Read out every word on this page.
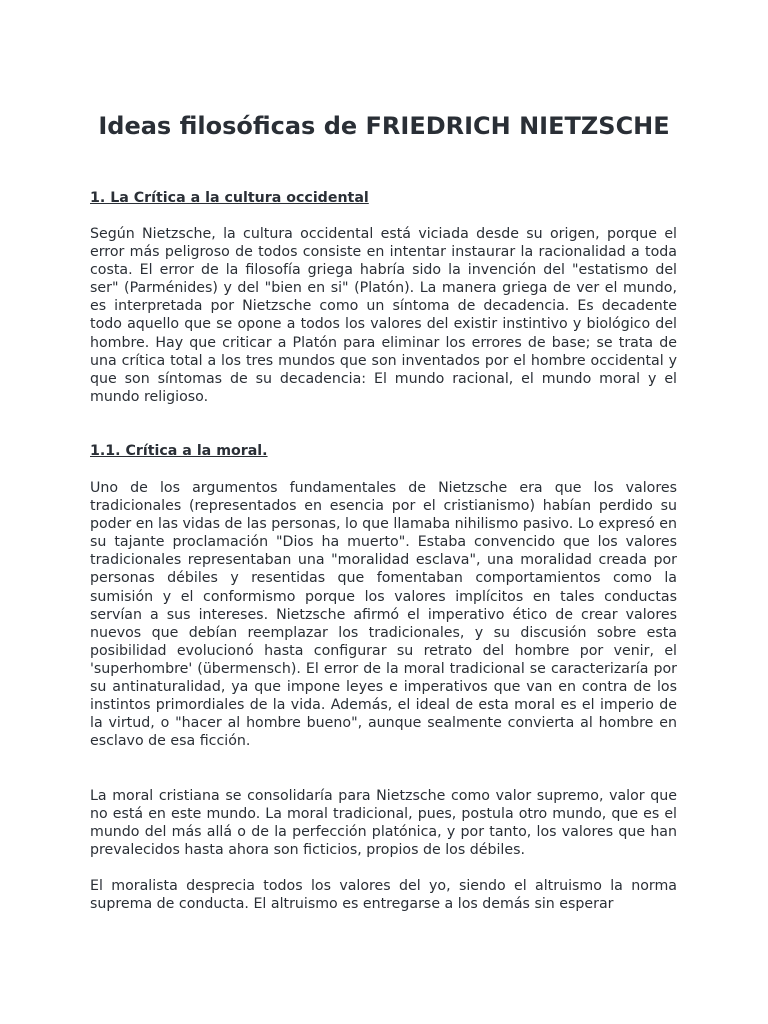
Ideas filosóficas de FRIEDRICH NIETZSCHE

1. La Crítica a la cultura occidental

Según Nietzsche, la cultura occidental está viciada desde su origen, porque el error más peligroso de todos consiste en intentar instaurar la racionalidad a toda costa. El error de la filosofía griega habría sido la invención del "estatismo del ser" (Parménides) y del "bien en si" (Platón). La manera griega de ver el mundo, es interpretada por Nietzsche como un síntoma de decadencia. Es decadente todo aquello que se opone a todos los valores del existir instintivo y biológico del hombre. Hay que criticar a Platón para eliminar los errores de base; se trata de una crítica total a los tres mundos que son inventados por el hombre occidental y que son síntomas de su decadencia: El mundo racional, el mundo moral y el mundo religioso.

1.1. Crítica a la moral.

Uno de los argumentos fundamentales de Nietzsche era que los valores tradicionales (representados en esencia por el cristianismo) habían perdido su poder en las vidas de las personas, lo que llamaba nihilismo pasivo. Lo expresó en su tajante proclamación "Dios ha muerto". Estaba convencido que los valores tradicionales representaban una "moralidad esclava", una moralidad creada por personas débiles y resentidas que fomentaban comportamientos como la sumisión y el conformismo porque los valores implícitos en tales conductas servían a sus intereses. Nietzsche afirmó el imperativo ético de crear valores nuevos que debían reemplazar los tradicionales, y su discusión sobre esta posibilidad evolucionó hasta configurar su retrato del hombre por venir, el 'superhombre' (übermensch). El error de la moral tradicional se caracterizaría por su antinaturalidad, ya que impone leyes e imperativos que van en contra de los instintos primordiales de la vida. Además, el ideal de esta moral es el imperio de la virtud, o "hacer al hombre bueno", aunque sealmente convierta al hombre en esclavo de esa ficción.

La moral cristiana se consolidaría para Nietzsche como valor supremo, valor que no está en este mundo. La moral tradicional, pues, postula otro mundo, que es el mundo del más allá o de la perfección platónica, y por tanto, los valores que han prevalecidos hasta ahora son ficticios, propios de los débiles.

El moralista desprecia todos los valores del yo, siendo el altruismo la norma suprema de conducta. El altruismo es entregarse a los demás sin esperar
